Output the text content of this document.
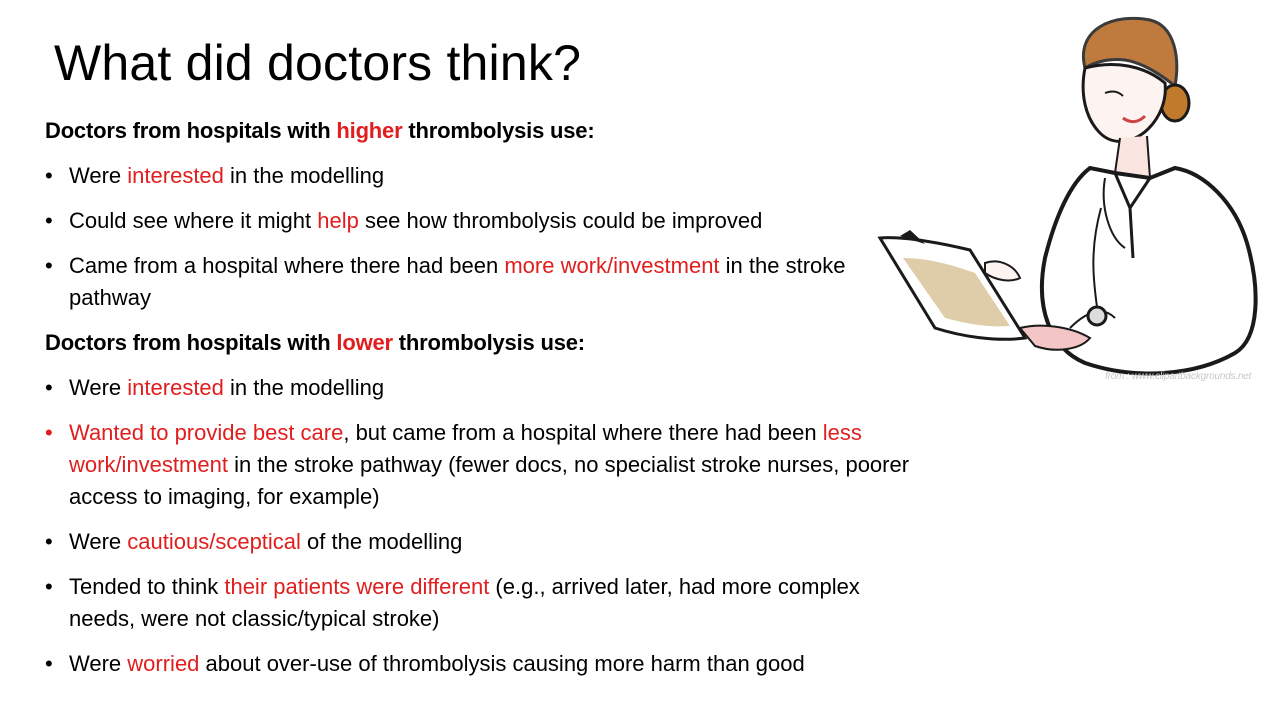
What did doctors think?

Doctors from hospitals with higher thrombolysis use:

• Were interested in the modelling
• Could see where it might help see how thrombolysis could be improved
• Came from a hospital where there had been more work/investment in the stroke pathway

Doctors from hospitals with lower thrombolysis use:

• Were interested in the modelling
• Wanted to provide best care, but came from a hospital where there had been less work/investment in the stroke pathway (fewer docs, no specialist stroke nurses, poorer access to imaging, for example)
• Were cautious/sceptical of the modelling
• Tended to think their patients were different (e.g., arrived later, had more complex needs, were not classic/typical stroke)
• Were worried about over-use of thrombolysis causing more harm than good
from : www.clipartbackgrounds.net
